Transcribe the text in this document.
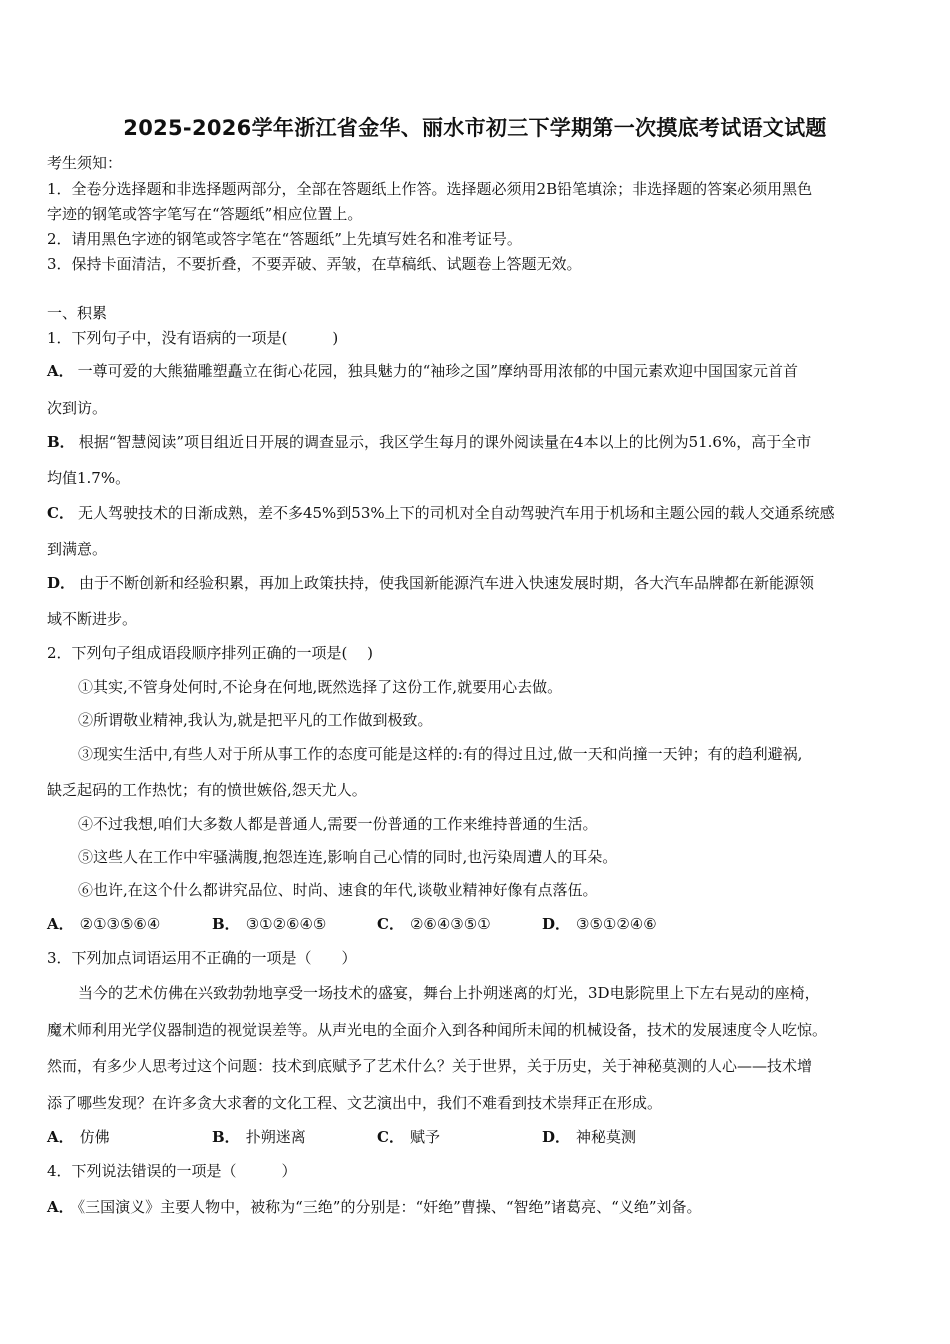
2025-2026学年浙江省金华、丽水市初三下学期第一次摸底考试语文试题
考生须知：
1．全卷分选择题和非选择题两部分，全部在答题纸上作答。选择题必须用2B铅笔填涂；非选择题的答案必须用黑色
字迹的钢笔或答字笔写在“答题纸”相应位置上。
2．请用黑色字迹的钢笔或答字笔在“答题纸”上先填写姓名和准考证号。
3．保持卡面清洁，不要折叠，不要弄破、弄皱，在草稿纸、试题卷上答题无效。
一、积累
1．下列句子中，没有语病的一项是(　　　)
A． 一尊可爱的大熊猫雕塑矗立在街心花园，独具魅力的“袖珍之国”摩纳哥用浓郁的中国元素欢迎中国国家元首首
次到访。
B． 根据“智慧阅读”项目组近日开展的调查显示，我区学生每月的课外阅读量在4本以上的比例为51.6%，高于全市
均值1.7%。
C． 无人驾驶技术的日渐成熟，差不多45%到53%上下的司机对全自动驾驶汽车用于机场和主题公园的载人交通系统感
到满意。
D． 由于不断创新和经验积累，再加上政策扶持，使我国新能源汽车进入快速发展时期，各大汽车品牌都在新能源领
域不断进步。
2．下列句子组成语段顺序排列正确的一项是(　 )
①其实,不管身处何时,不论身在何地,既然选择了这份工作,就要用心去做。
②所谓敬业精神,我认为,就是把平凡的工作做到极致。
③现实生活中,有些人对于所从事工作的态度可能是这样的:有的得过且过,做一天和尚撞一天钟；有的趋利避祸,
缺乏起码的工作热忱；有的愤世嫉俗,怨天尤人。
④不过我想,咱们大多数人都是普通人,需要一份普通的工作来维持普通的生活。
⑤这些人在工作中牢骚满腹,抱怨连连,影响自己心情的同时,也污染周遭人的耳朵。
⑥也许,在这个什么都讲究品位、时尚、速食的年代,谈敬业精神好像有点落伍。
A． ②①③⑤⑥④	B． ③①②⑥④⑤	C． ②⑥④③⑤①	D． ③⑤①②④⑥
3．下列加点词语运用不正确的一项是（　　）
当今的艺术仿佛在兴致勃勃地享受一场技术的盛宴，舞台上扑朔迷离的灯光，3D电影院里上下左右晃动的座椅，
魔术师利用光学仪器制造的视觉误差等。从声光电的全面介入到各种闻所未闻的机械设备，技术的发展速度令人吃惊。
然而，有多少人思考过这个问题：技术到底赋予了艺术什么？关于世界，关于历史，关于神秘莫测的人心——技术增
添了哪些发现？在许多贪大求奢的文化工程、文艺演出中，我们不难看到技术崇拜正在形成。
A． 仿佛	B． 扑朔迷离	C． 赋予	D． 神秘莫测
4．下列说法错误的一项是（　　　）
A． 《三国演义》主要人物中，被称为“三绝”的分别是：“奸绝”曹操、“智绝”诸葛亮、“义绝”刘备。
